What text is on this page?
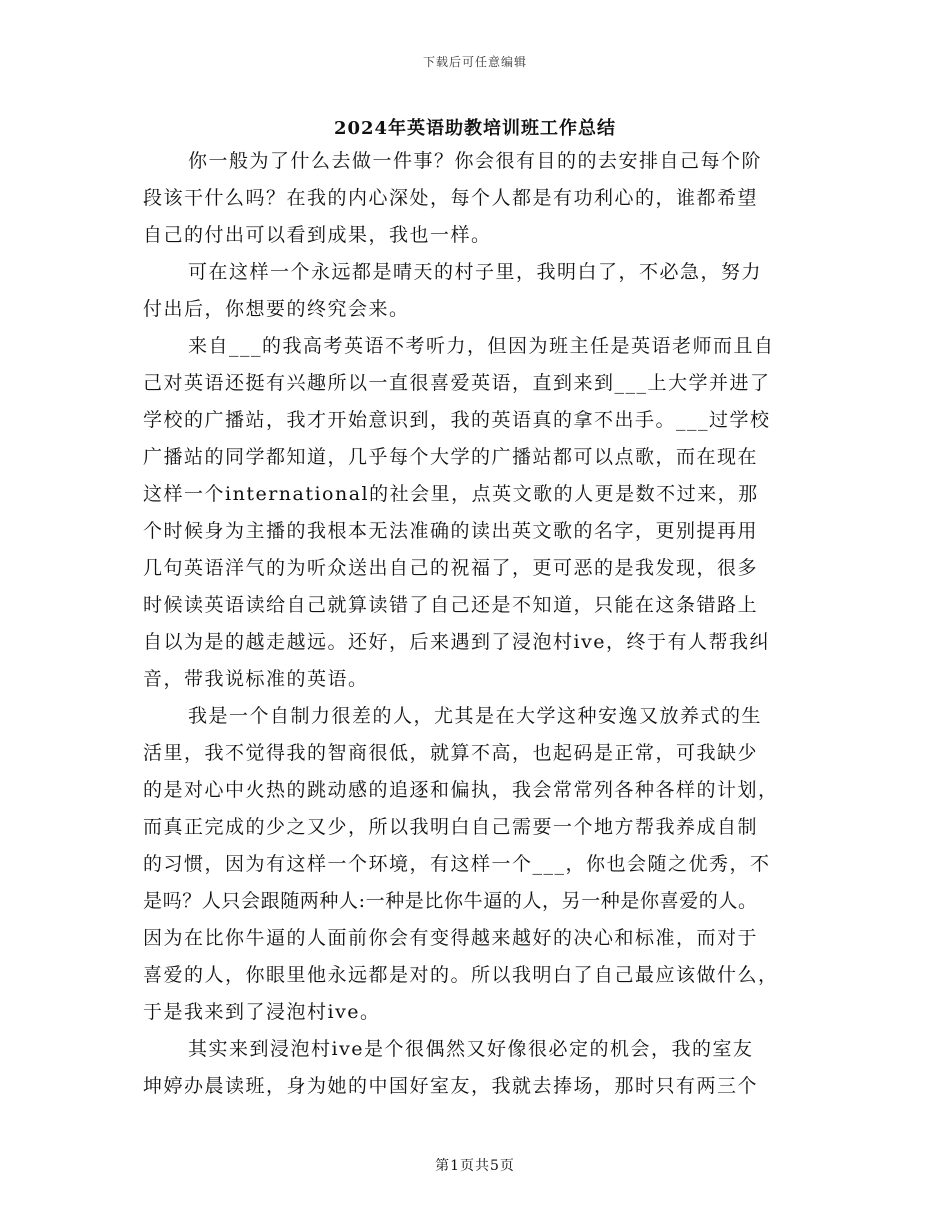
下载后可任意编辑
2024年英语助教培训班工作总结
你一般为了什么去做一件事？你会很有目的的去安排自己每个阶
段该干什么吗？在我的内心深处，每个人都是有功利心的，谁都希望
自己的付出可以看到成果，我也一样。
可在这样一个永远都是晴天的村子里，我明白了，不必急，努力
付出后，你想要的终究会来。
来自___的我高考英语不考听力，但因为班主任是英语老师而且自
己对英语还挺有兴趣所以一直很喜爱英语，直到来到___上大学并进了
学校的广播站，我才开始意识到，我的英语真的拿不出手。___过学校
广播站的同学都知道，几乎每个大学的广播站都可以点歌，而在现在
这样一个international的社会里，点英文歌的人更是数不过来，那
个时候身为主播的我根本无法准确的读出英文歌的名字，更别提再用
几句英语洋气的为听众送出自己的祝福了，更可恶的是我发现，很多
时候读英语读给自己就算读错了自己还是不知道，只能在这条错路上
自以为是的越走越远。还好，后来遇到了浸泡村ive，终于有人帮我纠
音，带我说标准的英语。
我是一个自制力很差的人，尤其是在大学这种安逸又放养式的生
活里，我不觉得我的智商很低，就算不高，也起码是正常，可我缺少
的是对心中火热的跳动感的追逐和偏执，我会常常列各种各样的计划，
而真正完成的少之又少，所以我明白自己需要一个地方帮我养成自制
的习惯，因为有这样一个环境，有这样一个___，你也会随之优秀，不
是吗？人只会跟随两种人:一种是比你牛逼的人，另一种是你喜爱的人。
因为在比你牛逼的人面前你会有变得越来越好的决心和标准，而对于
喜爱的人，你眼里他永远都是对的。所以我明白了自己最应该做什么，
于是我来到了浸泡村ive。
其实来到浸泡村ive是个很偶然又好像很必定的机会，我的室友
坤婷办晨读班，身为她的中国好室友，我就去捧场，那时只有两三个
第1页共5页
